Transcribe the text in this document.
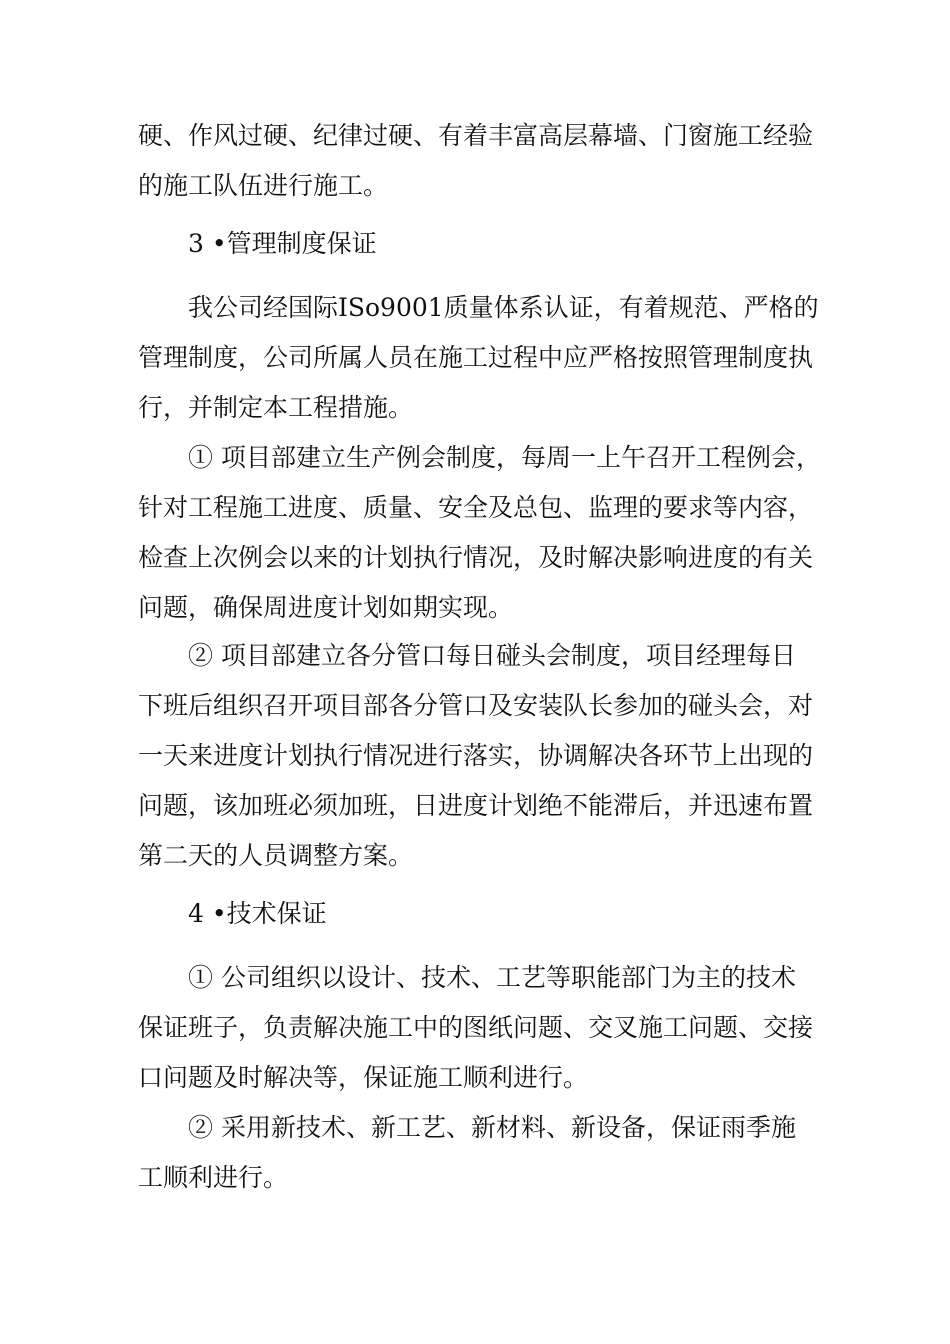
硬、作风过硬、纪律过硬、有着丰富高层幕墙、门窗施工经验
的施工队伍进行施工。
3 •管理制度保证
我公司经国际ISo9001质量体系认证，有着规范、严格的
管理制度，公司所属人员在施工过程中应严格按照管理制度执
行，并制定本工程措施。
① 项目部建立生产例会制度，每周一上午召开工程例会，
针对工程施工进度、质量、安全及总包、监理的要求等内容，
检查上次例会以来的计划执行情况，及时解决影响进度的有关
问题，确保周进度计划如期实现。
② 项目部建立各分管口每日碰头会制度，项目经理每日
下班后组织召开项目部各分管口及安装队长参加的碰头会，对
一天来进度计划执行情况进行落实，协调解决各环节上出现的
问题，该加班必须加班，日进度计划绝不能滞后，并迅速布置
第二天的人员调整方案。
4 •技术保证
① 公司组织以设计、技术、工艺等职能部门为主的技术
保证班子，负责解决施工中的图纸问题、交叉施工问题、交接
口问题及时解决等，保证施工顺利进行。
② 采用新技术、新工艺、新材料、新设备，保证雨季施
工顺利进行。
